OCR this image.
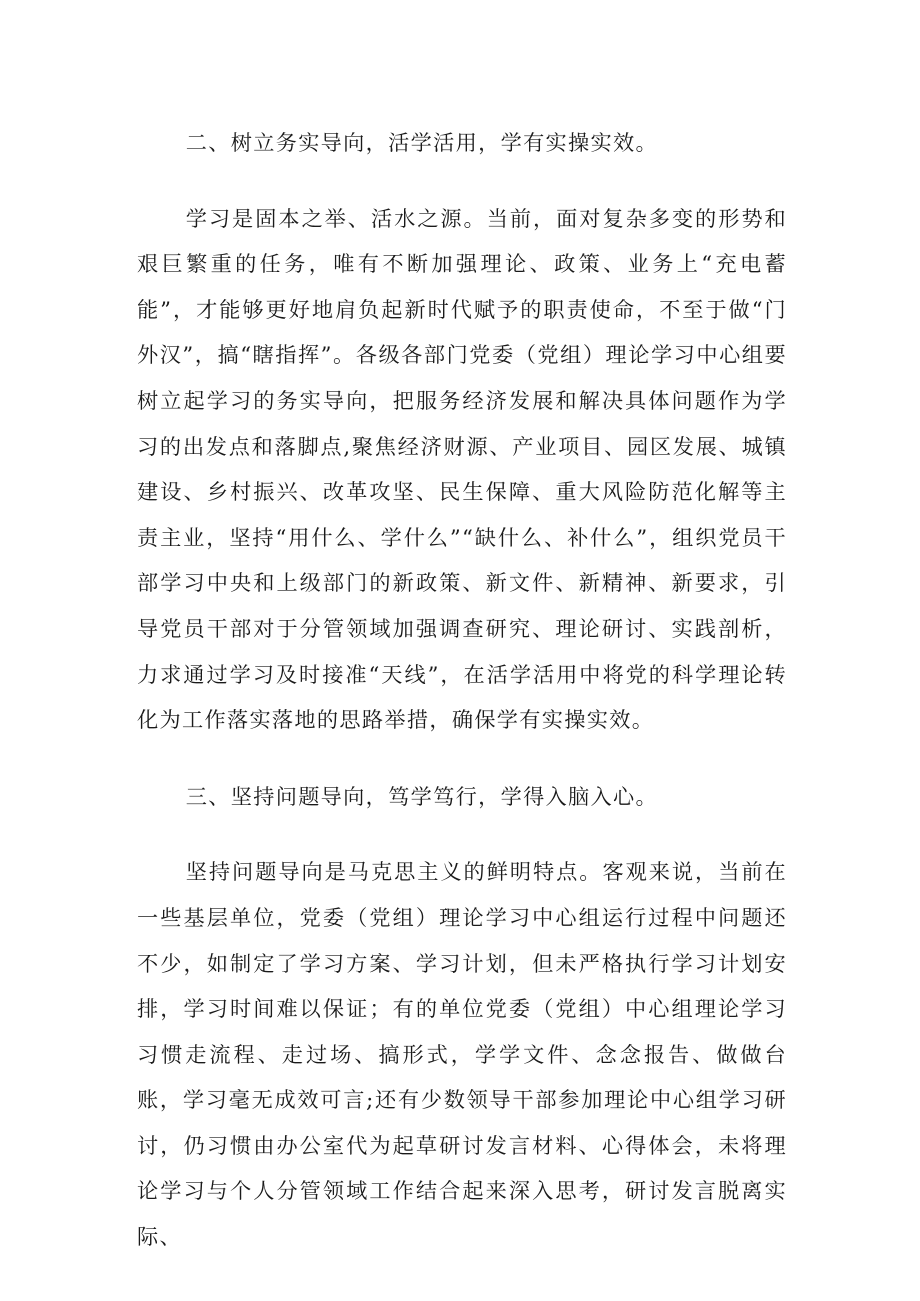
二、树立务实导向，活学活用，学有实操实效。

学习是固本之举、活水之源。当前，面对复杂多变的形势和艰巨繁重的任务，唯有不断加强理论、政策、业务上“充电蓄能”，才能够更好地肩负起新时代赋予的职责使命，不至于做“门外汉”，搞“瞎指挥”。各级各部门党委（党组）理论学习中心组要树立起学习的务实导向，把服务经济发展和解决具体问题作为学习的出发点和落脚点,聚焦经济财源、产业项目、园区发展、城镇建设、乡村振兴、改革攻坚、民生保障、重大风险防范化解等主责主业，坚持“用什么、学什么”“缺什么、补什么”，组织党员干部学习中央和上级部门的新政策、新文件、新精神、新要求，引导党员干部对于分管领域加强调查研究、理论研讨、实践剖析，力求通过学习及时接准“天线”，在活学活用中将党的科学理论转化为工作落实落地的思路举措，确保学有实操实效。

三、坚持问题导向，笃学笃行，学得入脑入心。

坚持问题导向是马克思主义的鲜明特点。客观来说，当前在一些基层单位，党委（党组）理论学习中心组运行过程中问题还不少，如制定了学习方案、学习计划，但未严格执行学习计划安排，学习时间难以保证；有的单位党委（党组）中心组理论学习习惯走流程、走过场、搞形式，学学文件、念念报告、做做台账，学习毫无成效可言;还有少数领导干部参加理论中心组学习研讨，仍习惯由办公室代为起草研讨发言材料、心得体会，未将理论学习与个人分管领域工作结合起来深入思考，研讨发言脱离实际、
